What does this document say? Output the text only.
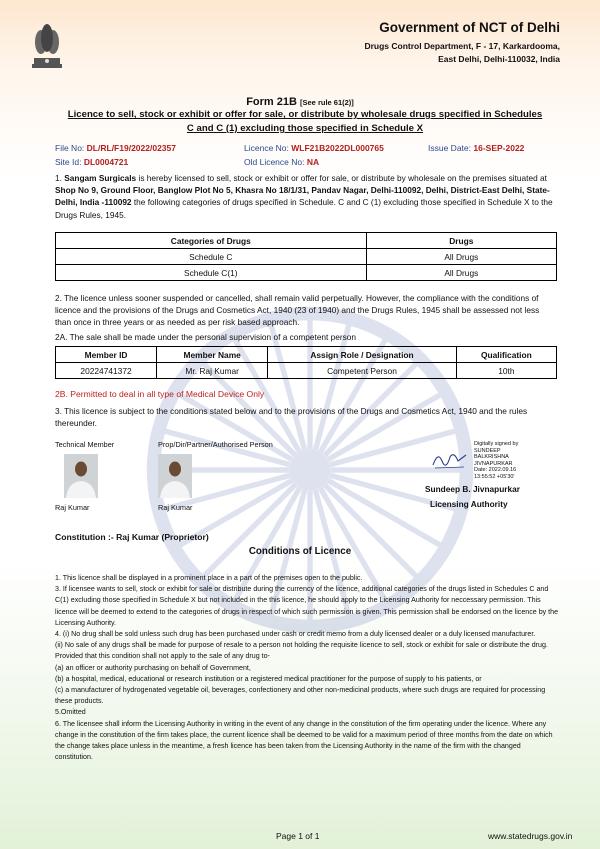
Government of NCT of Delhi
Drugs Control Department, F - 17, Karkardooma,
East Delhi, Delhi-110032, India
Form 21B [See rule 61(2)]
Licence to sell, stock or exhibit or offer for sale, or distribute by wholesale drugs specified in Schedules
C and C (1) excluding those specified in Schedule X
File No: DL/RL/F19/2022/02357	Licence No: WLF21B2022DL000765	Issue Date: 16-SEP-2022
Site Id: DL0004721	Old Licence No: NA
1. Sangam Surgicals is hereby licensed to sell, stock or exhibit or offer for sale, or distribute by wholesale on the premises situated at Shop No 9, Ground Floor, Banglow Plot No 5, Khasra No 18/1/31, Pandav Nagar, Delhi-110092, Delhi, District-East Delhi, State-Delhi, India -110092 the following categories of drugs specified in Schedule. C and C (1) excluding those specified in Schedule X to the Drugs Rules, 1945.
Categories of Drugs	Drugs
Schedule C	All Drugs
Schedule C(1)	All Drugs
2. The licence unless sooner suspended or cancelled, shall remain valid perpetually. However, the compliance with the conditions of licence and the provisions of the Drugs and Cosmetics Act, 1940 (23 of 1940) and the Drugs Rules, 1945 shall be assessed not less than once in three years or as needed as per risk based approach.
2A. The sale shall be made under the personal supervision of a competent person
Member ID	Member Name	Assign Role / Designation	Qualification
20224741372	Mr. Raj Kumar	Competent Person	10th
2B. Permitted to deal in all type of Medical Device Only
3. This licence is subject to the conditions stated below and to the provisions of the Drugs and Cosmetics Act, 1940 and the rules thereunder.
Technical Member
Raj Kumar
Prop/Dir/Partner/Authorised Person
Raj Kumar
Digitally signed by
SUNDEEP
BALKRISHNA
JIVNAPURKAR
Date: 2022.09.16
13:55:52 +05'30'
Sundeep B. Jivnapurkar
Licensing Authority
Constitution :- Raj Kumar (Proprietor)
Conditions of Licence
1. This licence shall be displayed in a prominent place in a part of the premises open to the public.
3. If licensee wants to sell, stock or exhibit for sale or distribute during the currency of the licence, additional categories of the drugs listed in Schedules C and C(1) excluding those specified in Schedule X but not included in the this licence, he should apply to the Licensing Authority for neccessary permission. This licence will be deemed to extend to the categories of drugs in respect of which such permission is given. This permission shall be endorsed on the licence by the Licensing Authority.
4. (i) No drug shall be sold unless such drug has been purchased under cash or credit memo from a duly licensed dealer or a duly licensed manufacturer.
(ii) No sale of any drugs shall be made for purpose of resale to a person not holding the requisite licence to sell, stock or exhibit for sale or distribute the drug.
Provided that this condition shall not apply to the sale of any drug to-
(a) an officer or authority purchasing on behalf of Government,
(b) a hospital, medical, educational or research institution or a registered medical practitioner for the purpose of supply to his patients, or
(c) a manufacturer of hydrogenated vegetable oil, beverages, confectionery and other non-medicinal products, where such drugs are required for processing these products.
5.Omitted
6. The licensee shall inform the Licensing Authority in writing in the event of any change in the constitution of the firm operating under the licence. Where any change in the constitution of the firm takes place, the current licence shall be deemed to be valid for a maximum period of three months from the date on which the change takes place unless in the meantime, a fresh licence has been taken from the Licensing Authority in the name of the firm with the changed constitution.
Page 1 of 1	www.statedrugs.gov.in
